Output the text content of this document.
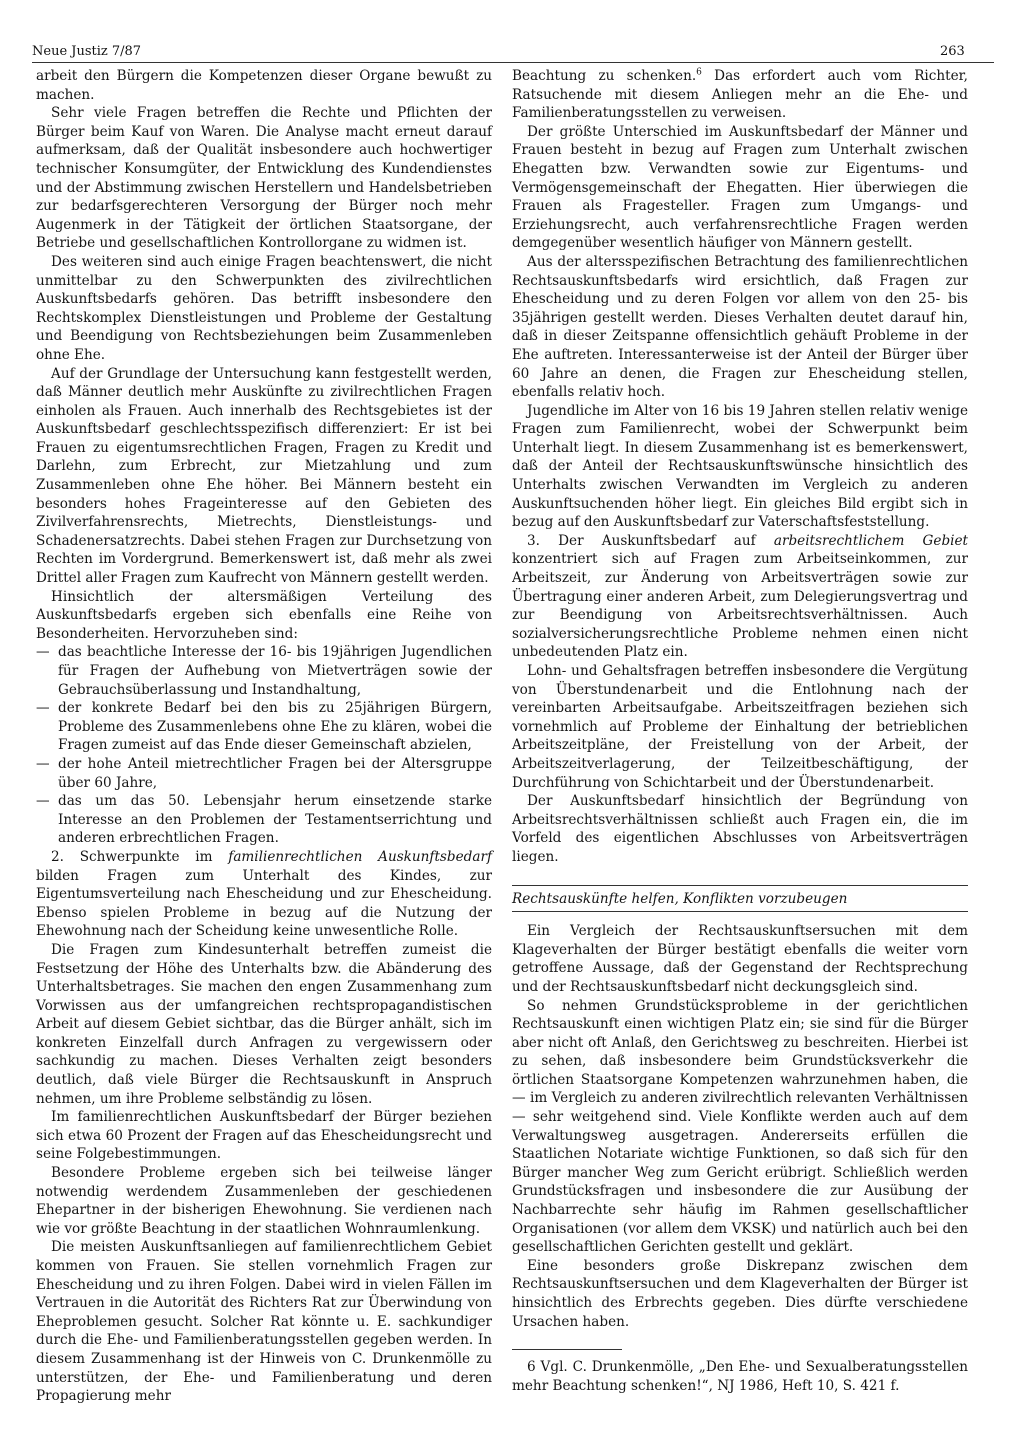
Neue Justiz 7/87	263

arbeit den Bürgern die Kompetenzen dieser Organe bewußt zu machen.

Sehr viele Fragen betreffen die Rechte und Pflichten der Bürger beim Kauf von Waren. Die Analyse macht erneut darauf aufmerksam, daß der Qualität insbesondere auch hochwertiger technischer Konsumgüter, der Entwicklung des Kundendienstes und der Abstimmung zwischen Herstellern und Handelsbetrieben zur bedarfsgerechteren Versorgung der Bürger noch mehr Augenmerk in der Tätigkeit der örtlichen Staatsorgane, der Betriebe und gesellschaftlichen Kontrollorgane zu widmen ist.

Des weiteren sind auch einige Fragen beachtenswert, die nicht unmittelbar zu den Schwerpunkten des zivilrechtlichen Auskunftsbedarfs gehören. Das betrifft insbesondere den Rechtskomplex Dienstleistungen und Probleme der Gestaltung und Beendigung von Rechtsbeziehungen beim Zusammenleben ohne Ehe.

Auf der Grundlage der Untersuchung kann festgestellt werden, daß Männer deutlich mehr Auskünfte zu zivilrechtlichen Fragen einholen als Frauen. Auch innerhalb des Rechtsgebietes ist der Auskunftsbedarf geschlechtsspezifisch differenziert: Er ist bei Frauen zu eigentumsrechtlichen Fragen, Fragen zu Kredit und Darlehn, zum Erbrecht, zur Mietzahlung und zum Zusammenleben ohne Ehe höher. Bei Männern besteht ein besonders hohes Frageinteresse auf den Gebieten des Zivilverfahrensrechts, Mietrechts, Dienstleistungs- und Schadenersatzrechts. Dabei stehen Fragen zur Durchsetzung von Rechten im Vordergrund. Bemerkenswert ist, daß mehr als zwei Drittel aller Fragen zum Kaufrecht von Männern gestellt werden.

Hinsichtlich der altersmäßigen Verteilung des Auskunftsbedarfs ergeben sich ebenfalls eine Reihe von Besonderheiten. Hervorzuheben sind:

— das beachtliche Interesse der 16- bis 19jährigen Jugendlichen für Fragen der Aufhebung von Mietverträgen sowie der Gebrauchsüberlassung und Instandhaltung,
— der konkrete Bedarf bei den bis zu 25jährigen Bürgern, Probleme des Zusammenlebens ohne Ehe zu klären, wobei die Fragen zumeist auf das Ende dieser Gemeinschaft abzielen,
— der hohe Anteil mietrechtlicher Fragen bei der Altersgruppe über 60 Jahre,
— das um das 50. Lebensjahr herum einsetzende starke Interesse an den Problemen der Testamentserrichtung und anderen erbrechtlichen Fragen.

2. Schwerpunkte im familienrechtlichen Auskunftsbedarf bilden Fragen zum Unterhalt des Kindes, zur Eigentumsverteilung nach Ehescheidung und zur Ehescheidung. Ebenso spielen Probleme in bezug auf die Nutzung der Ehewohnung nach der Scheidung keine unwesentliche Rolle.

Die Fragen zum Kindesunterhalt betreffen zumeist die Festsetzung der Höhe des Unterhalts bzw. die Abänderung des Unterhaltsbetrages. Sie machen den engen Zusammenhang zum Vorwissen aus der umfangreichen rechtspropagandistischen Arbeit auf diesem Gebiet sichtbar, das die Bürger anhält, sich im konkreten Einzelfall durch Anfragen zu vergewissern oder sachkundig zu machen. Dieses Verhalten zeigt besonders deutlich, daß viele Bürger die Rechtsauskunft in Anspruch nehmen, um ihre Probleme selbständig zu lösen.

Im familienrechtlichen Auskunftsbedarf der Bürger beziehen sich etwa 60 Prozent der Fragen auf das Ehescheidungsrecht und seine Folgebestimmungen.

Besondere Probleme ergeben sich bei teilweise länger notwendig werdendem Zusammenleben der geschiedenen Ehepartner in der bisherigen Ehewohnung. Sie verdienen nach wie vor größte Beachtung in der staatlichen Wohnraumlenkung.

Die meisten Auskunftsanliegen auf familienrechtlichem Gebiet kommen von Frauen. Sie stellen vornehmlich Fragen zur Ehescheidung und zu ihren Folgen. Dabei wird in vielen Fällen im Vertrauen in die Autorität des Richters Rat zur Überwindung von Eheproblemen gesucht. Solcher Rat könnte u. E. sachkundiger durch die Ehe- und Familienberatungsstellen gegeben werden. In diesem Zusammenhang ist der Hinweis von C. Drunkenmölle zu unterstützen, der Ehe- und Familienberatung und deren Propagierung mehr

Beachtung zu schenken.$^6$ Das erfordert auch vom Richter, Ratsuchende mit diesem Anliegen mehr an die Ehe- und Familienberatungsstellen zu verweisen.

Der größte Unterschied im Auskunftsbedarf der Männer und Frauen besteht in bezug auf Fragen zum Unterhalt zwischen Ehegatten bzw. Verwandten sowie zur Eigentums- und Vermögensgemeinschaft der Ehegatten. Hier überwiegen die Frauen als Fragesteller. Fragen zum Umgangs- und Erziehungsrecht, auch verfahrensrechtliche Fragen werden demgegenüber wesentlich häufiger von Männern gestellt.

Aus der altersspezifischen Betrachtung des familienrechtlichen Rechtsauskunftsbedarfs wird ersichtlich, daß Fragen zur Ehescheidung und zu deren Folgen vor allem von den 25- bis 35jährigen gestellt werden. Dieses Verhalten deutet darauf hin, daß in dieser Zeitspanne offensichtlich gehäuft Probleme in der Ehe auftreten. Interessanterweise ist der Anteil der Bürger über 60 Jahre an denen, die Fragen zur Ehescheidung stellen, ebenfalls relativ hoch.

Jugendliche im Alter von 16 bis 19 Jahren stellen relativ wenige Fragen zum Familienrecht, wobei der Schwerpunkt beim Unterhalt liegt. In diesem Zusammenhang ist es bemerkenswert, daß der Anteil der Rechtsauskunftswünsche hinsichtlich des Unterhalts zwischen Verwandten im Vergleich zu anderen Auskunftsuchenden höher liegt. Ein gleiches Bild ergibt sich in bezug auf den Auskunftsbedarf zur Vaterschaftsfeststellung.

3. Der Auskunftsbedarf auf arbeitsrechtlichem Gebiet konzentriert sich auf Fragen zum Arbeitseinkommen, zur Arbeitszeit, zur Änderung von Arbeitsverträgen sowie zur Übertragung einer anderen Arbeit, zum Delegierungsvertrag und zur Beendigung von Arbeitsrechtsverhältnissen. Auch sozialversicherungsrechtliche Probleme nehmen einen nicht unbedeutenden Platz ein.

Lohn- und Gehaltsfragen betreffen insbesondere die Vergütung von Überstundenarbeit und die Entlohnung nach der vereinbarten Arbeitsaufgabe. Arbeitszeitfragen beziehen sich vornehmlich auf Probleme der Einhaltung der betrieblichen Arbeitszeitpläne, der Freistellung von der Arbeit, der Arbeitszeitverlagerung, der Teilzeitbeschäftigung, der Durchführung von Schichtarbeit und der Überstundenarbeit.

Der Auskunftsbedarf hinsichtlich der Begründung von Arbeitsrechtsverhältnissen schließt auch Fragen ein, die im Vorfeld des eigentlichen Abschlusses von Arbeitsverträgen liegen.

Rechtsauskünfte helfen, Konflikten vorzubeugen

Ein Vergleich der Rechtsauskunftsersuchen mit dem Klageverhalten der Bürger bestätigt ebenfalls die weiter vorn getroffene Aussage, daß der Gegenstand der Rechtsprechung und der Rechtsauskunftsbedarf nicht deckungsgleich sind.

So nehmen Grundstücksprobleme in der gerichtlichen Rechtsauskunft einen wichtigen Platz ein; sie sind für die Bürger aber nicht oft Anlaß, den Gerichtsweg zu beschreiten. Hierbei ist zu sehen, daß insbesondere beim Grundstücksverkehr die örtlichen Staatsorgane Kompetenzen wahrzunehmen haben, die — im Vergleich zu anderen zivilrechtlich relevanten Verhältnissen — sehr weitgehend sind. Viele Konflikte werden auch auf dem Verwaltungsweg ausgetragen. Andererseits erfüllen die Staatlichen Notariate wichtige Funktionen, so daß sich für den Bürger mancher Weg zum Gericht erübrigt. Schließlich werden Grundstücksfragen und insbesondere die zur Ausübung der Nachbarrechte sehr häufig im Rahmen gesellschaftlicher Organisationen (vor allem dem VKSK) und natürlich auch bei den gesellschaftlichen Gerichten gestellt und geklärt.

Eine besonders große Diskrepanz zwischen dem Rechtsauskunftsersuchen und dem Klageverhalten der Bürger ist hinsichtlich des Erbrechts gegeben. Dies dürfte verschiedene Ursachen haben.

6 Vgl. C. Drunkenmölle, „Den Ehe- und Sexualberatungsstellen mehr Beachtung schenken!“, NJ 1986, Heft 10, S. 421 f.
